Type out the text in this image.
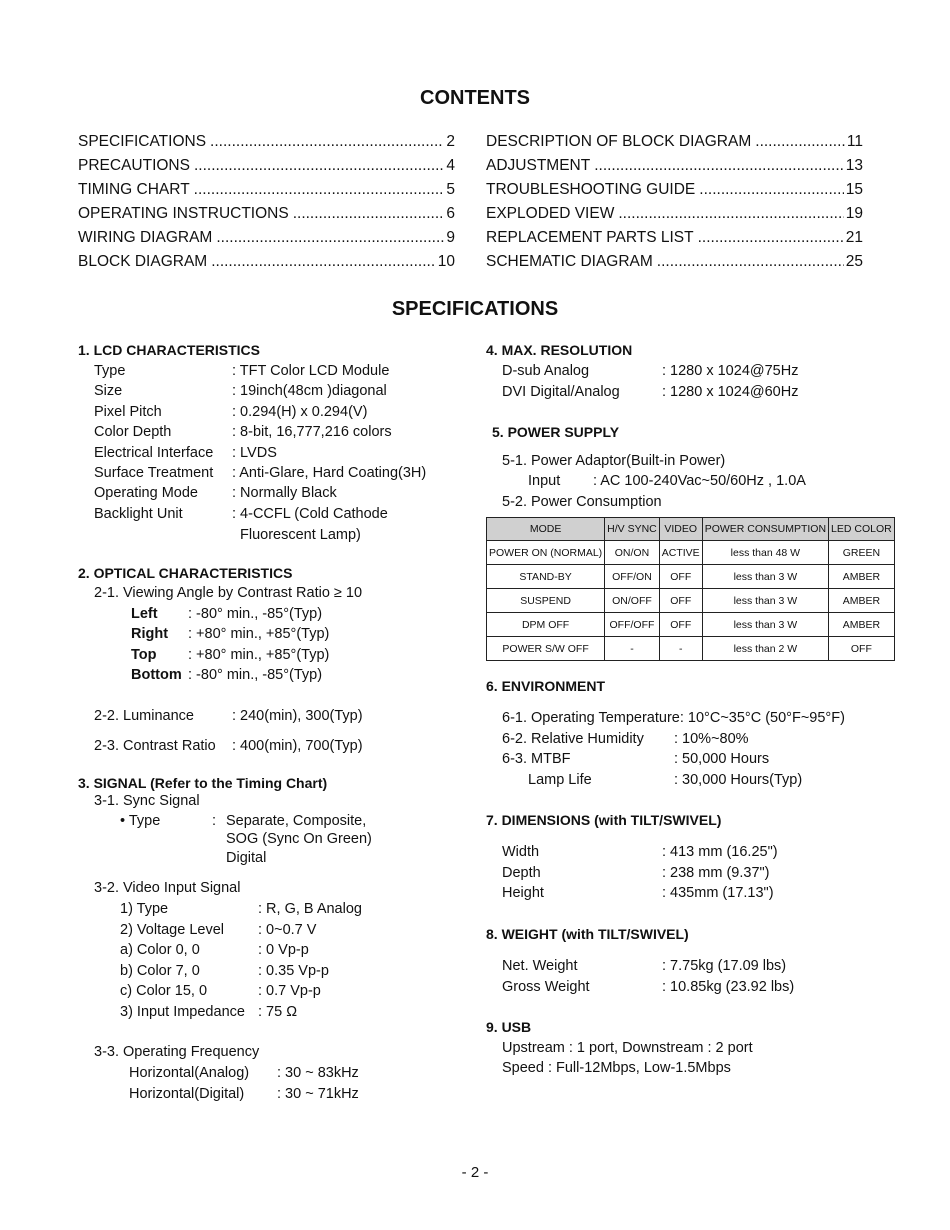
CONTENTS
SPECIFICATIONS .....	2
PRECAUTIONS .....	4
TIMING CHART .....	5
OPERATING INSTRUCTIONS .....	6
WIRING DIAGRAM .....	9
BLOCK DIAGRAM .....	10
DESCRIPTION OF BLOCK DIAGRAM .....	11
ADJUSTMENT .....	13
TROUBLESHOOTING GUIDE .....	15
EXPLODED VIEW .....	19
REPLACEMENT PARTS LIST .....	21
SCHEMATIC DIAGRAM .....	25
SPECIFICATIONS
1. LCD CHARACTERISTICS
Type	: TFT Color LCD Module
Size	: 19inch(48cm )diagonal
Pixel Pitch	: 0.294(H) x 0.294(V)
Color Depth	: 8-bit, 16,777,216 colors
Electrical Interface : LVDS
Surface Treatment : Anti-Glare, Hard Coating(3H)
Operating Mode : Normally Black
Backlight Unit	: 4-CCFL (Cold Cathode
Fluorescent Lamp)
2. OPTICAL CHARACTERISTICS
2-1. Viewing Angle by Contrast Ratio ≥ 10
Left : -80° min., -85°(Typ)
Right : +80° min., +85°(Typ)
Top : +80° min., +85°(Typ)
Bottom : -80° min., -85°(Typ)
2-2. Luminance	: 240(min), 300(Typ)
2-3. Contrast Ratio : 400(min), 700(Typ)
3. SIGNAL (Refer to the Timing Chart)
3-1. Sync Signal
• Type	: Separate, Composite,
SOG (Sync On Green)
Digital
3-2. Video Input Signal
1) Type	: R, G, B Analog
2) Voltage Level : 0~0.7 V
a) Color 0, 0	: 0 Vp-p
b) Color 7, 0	: 0.35 Vp-p
c) Color 15, 0	: 0.7 Vp-p
3) Input Impedance : 75 Ω
3-3. Operating Frequency
Horizontal(Analog) : 30 ~ 83kHz
Horizontal(Digital) : 30 ~ 71kHz
4. MAX. RESOLUTION
D-sub Analog	: 1280 x 1024@75Hz
DVI Digital/Analog	: 1280 x 1024@60Hz
5. POWER SUPPLY
5-1. Power Adaptor(Built-in Power)
Input : AC 100-240Vac~50/60Hz , 1.0A
5-2. Power Consumption
MODE	H/V SYNC	VIDEO	POWER CONSUMPTION	LED COLOR
POWER ON (NORMAL)	ON/ON	ACTIVE	less than 48 W	GREEN
STAND-BY	OFF/ON	OFF	less than 3 W	AMBER
SUSPEND	ON/OFF	OFF	less than 3 W	AMBER
DPM OFF	OFF/OFF	OFF	less than 3 W	AMBER
POWER S/W OFF	-	-	less than 2 W	OFF
6. ENVIRONMENT
6-1. Operating Temperature: 10°C~35°C (50°F~95°F)
6-2. Relative Humidity : 10%~80%
6-3. MTBF	: 50,000 Hours
Lamp Life	: 30,000 Hours(Typ)
7. DIMENSIONS (with TILT/SWIVEL)
Width	: 413 mm (16.25")
Depth	: 238 mm (9.37")
Height	: 435mm (17.13")
8. WEIGHT (with TILT/SWIVEL)
Net. Weight	: 7.75kg (17.09 lbs)
Gross Weight	: 10.85kg (23.92 lbs)
9. USB
Upstream : 1 port, Downstream : 2 port
Speed : Full-12Mbps, Low-1.5Mbps
- 2 -
